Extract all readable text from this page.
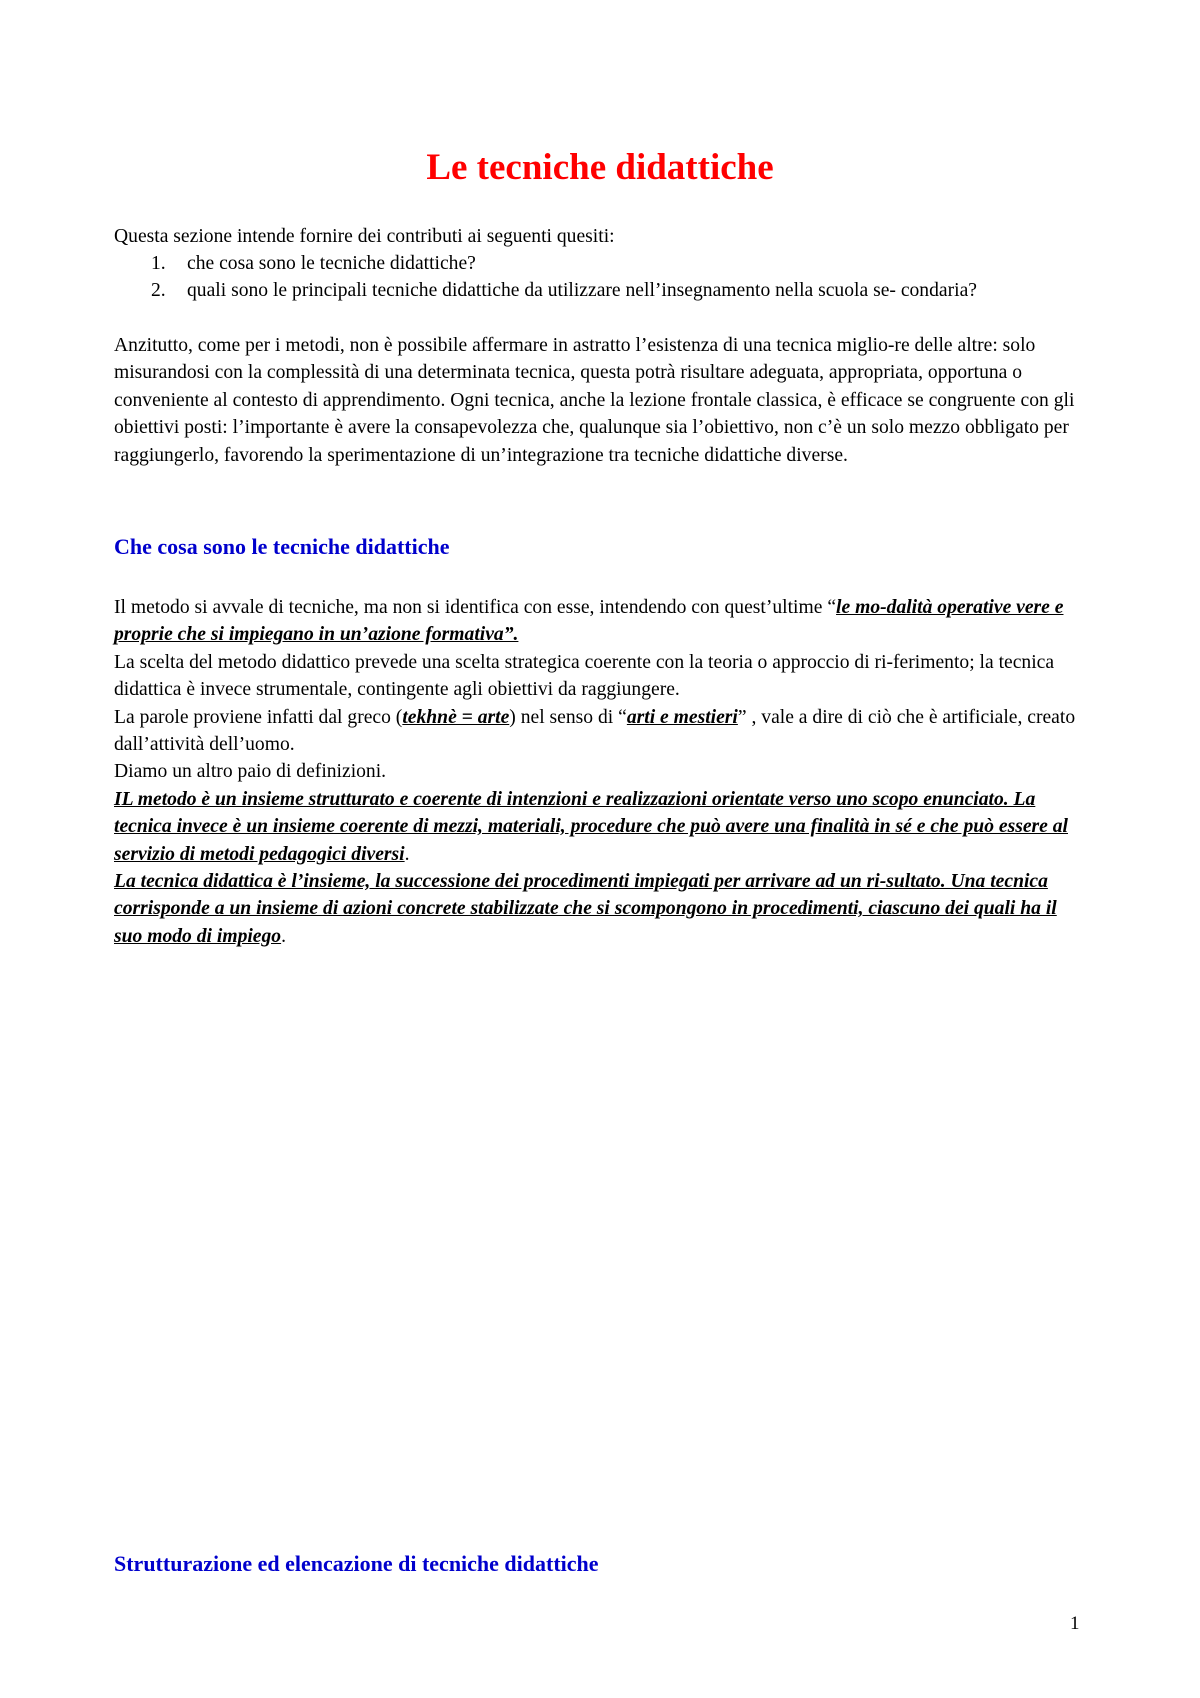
Le tecniche didattiche

Questa sezione intende fornire dei contributi ai seguenti quesiti:

1. che cosa sono le tecniche didattiche?
2. quali sono le principali tecniche didattiche da utilizzare nell’insegnamento nella scuola se- condaria?

Anzitutto, come per i metodi, non è possibile affermare in astratto l’esistenza di una tecnica miglio-re delle altre: solo misurandosi con la complessità di una determinata tecnica, questa potrà risultare adeguata, appropriata, opportuna o conveniente al contesto di apprendimento. Ogni tecnica, anche la lezione frontale classica, è efficace se congruente con gli obiettivi posti: l’importante è avere la consapevolezza che, qualunque sia l’obiettivo, non c’è un solo mezzo obbligato per raggiungerlo, favorendo la sperimentazione di un’integrazione tra tecniche didattiche diverse.

Che cosa sono le tecniche didattiche

Il metodo si avvale di tecniche, ma non si identifica con esse, intendendo con quest’ultime “le mo-dalità operative vere e proprie che si impiegano in un’azione formativa”.

La scelta del metodo didattico prevede una scelta strategica coerente con la teoria o approccio di ri-ferimento; la tecnica didattica è invece strumentale, contingente agli obiettivi da raggiungere.

La parole proviene infatti dal greco (tekhnè = arte) nel senso di “arti e mestieri” , vale a dire di ciò che è artificiale, creato dall’attività dell’uomo.

Diamo un altro paio di definizioni.

IL metodo è un insieme strutturato e coerente di intenzioni e realizzazioni orientate verso uno scopo enunciato. La tecnica invece è un insieme coerente di mezzi, materiali, procedure che può avere una finalità in sé e che può essere al servizio di metodi pedagogici diversi.

La tecnica didattica è l’insieme, la successione dei procedimenti impiegati per arrivare ad un ri-sultato. Una tecnica corrisponde a un insieme di azioni concrete stabilizzate che si scompongono in procedimenti, ciascuno dei quali ha il suo modo di impiego.

Strutturazione ed elencazione di tecniche didattiche
1
